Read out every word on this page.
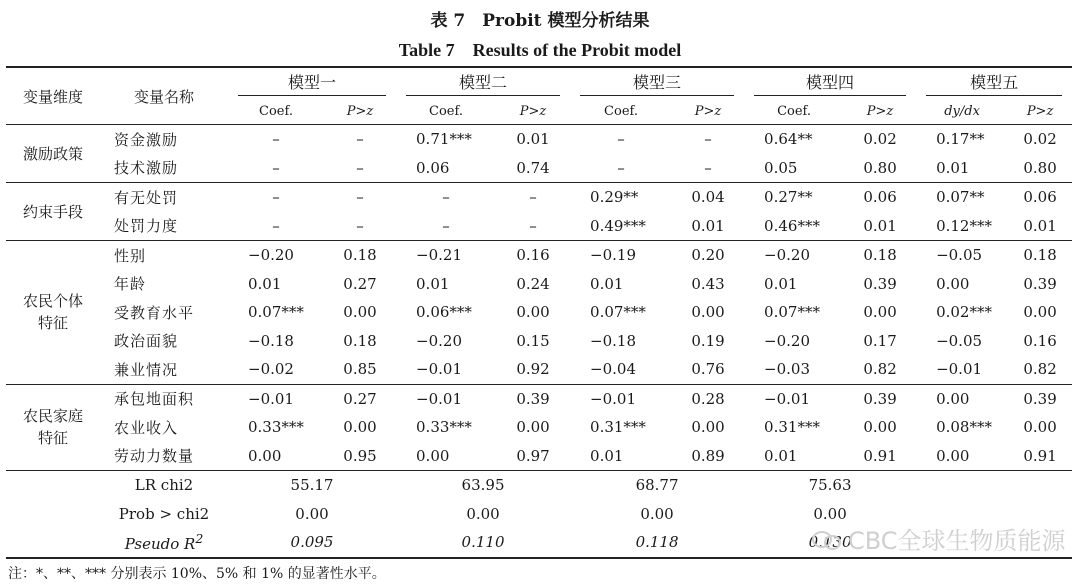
表 7　Probit 模型分析结果
Table 7　Results of the Probit model
变量维度	变量名称	模型一		模型二		模型三		模型四		模型五	

		Coef.	P>z	Coef.	P>z	Coef.	P>z	Coef.	P>z	dy/dx	P>z

激励政策	资金激励	–	–	0.71***	0.01	–	–	0.64**	0.02	0.17**	0.02
	技术激励	–	–	0.06	0.74	–	–	0.05	0.80	0.01	0.80

约束手段	有无处罚	–	–	–	–	0.29**	0.04	0.27**	0.06	0.07**	0.06
	处罚力度	–	–	–	–	0.49***	0.01	0.46***	0.01	0.12***	0.01

农民个体
特征	性别	−0.20	0.18	−0.21	0.16	−0.19	0.20	−0.20	0.18	−0.05	0.18
	年龄	0.01	0.27	0.01	0.24	0.01	0.43	0.01	0.39	0.00	0.39
	受教育水平	0.07***	0.00	0.06***	0.00	0.07***	0.00	0.07***	0.00	0.02***	0.00
	政治面貌	−0.18	0.18	−0.20	0.15	−0.18	0.19	−0.20	0.17	−0.05	0.16
	兼业情况	−0.02	0.85	−0.01	0.92	−0.04	0.76	−0.03	0.82	−0.01	0.82

农民家庭
特征	承包地面积	−0.01	0.27	−0.01	0.39	−0.01	0.28	−0.01	0.39	0.00	0.39
	农业收入	0.33***	0.00	0.33***	0.00	0.31***	0.00	0.31***	0.00	0.08***	0.00
	劳动力数量	0.00	0.95	0.00	0.97	0.01	0.89	0.01	0.91	0.00	0.91
	LR chi2	55.17		63.95		68.77		75.63			
	Prob > chi2	0.00		0.00		0.00		0.00			
	Pseudo $R^2$	0.095		0.110		0.118		0.130			
注：*、**、*** 分别表示 10%、5% 和 1% 的显著性水平。
CBC全球生物质能源
